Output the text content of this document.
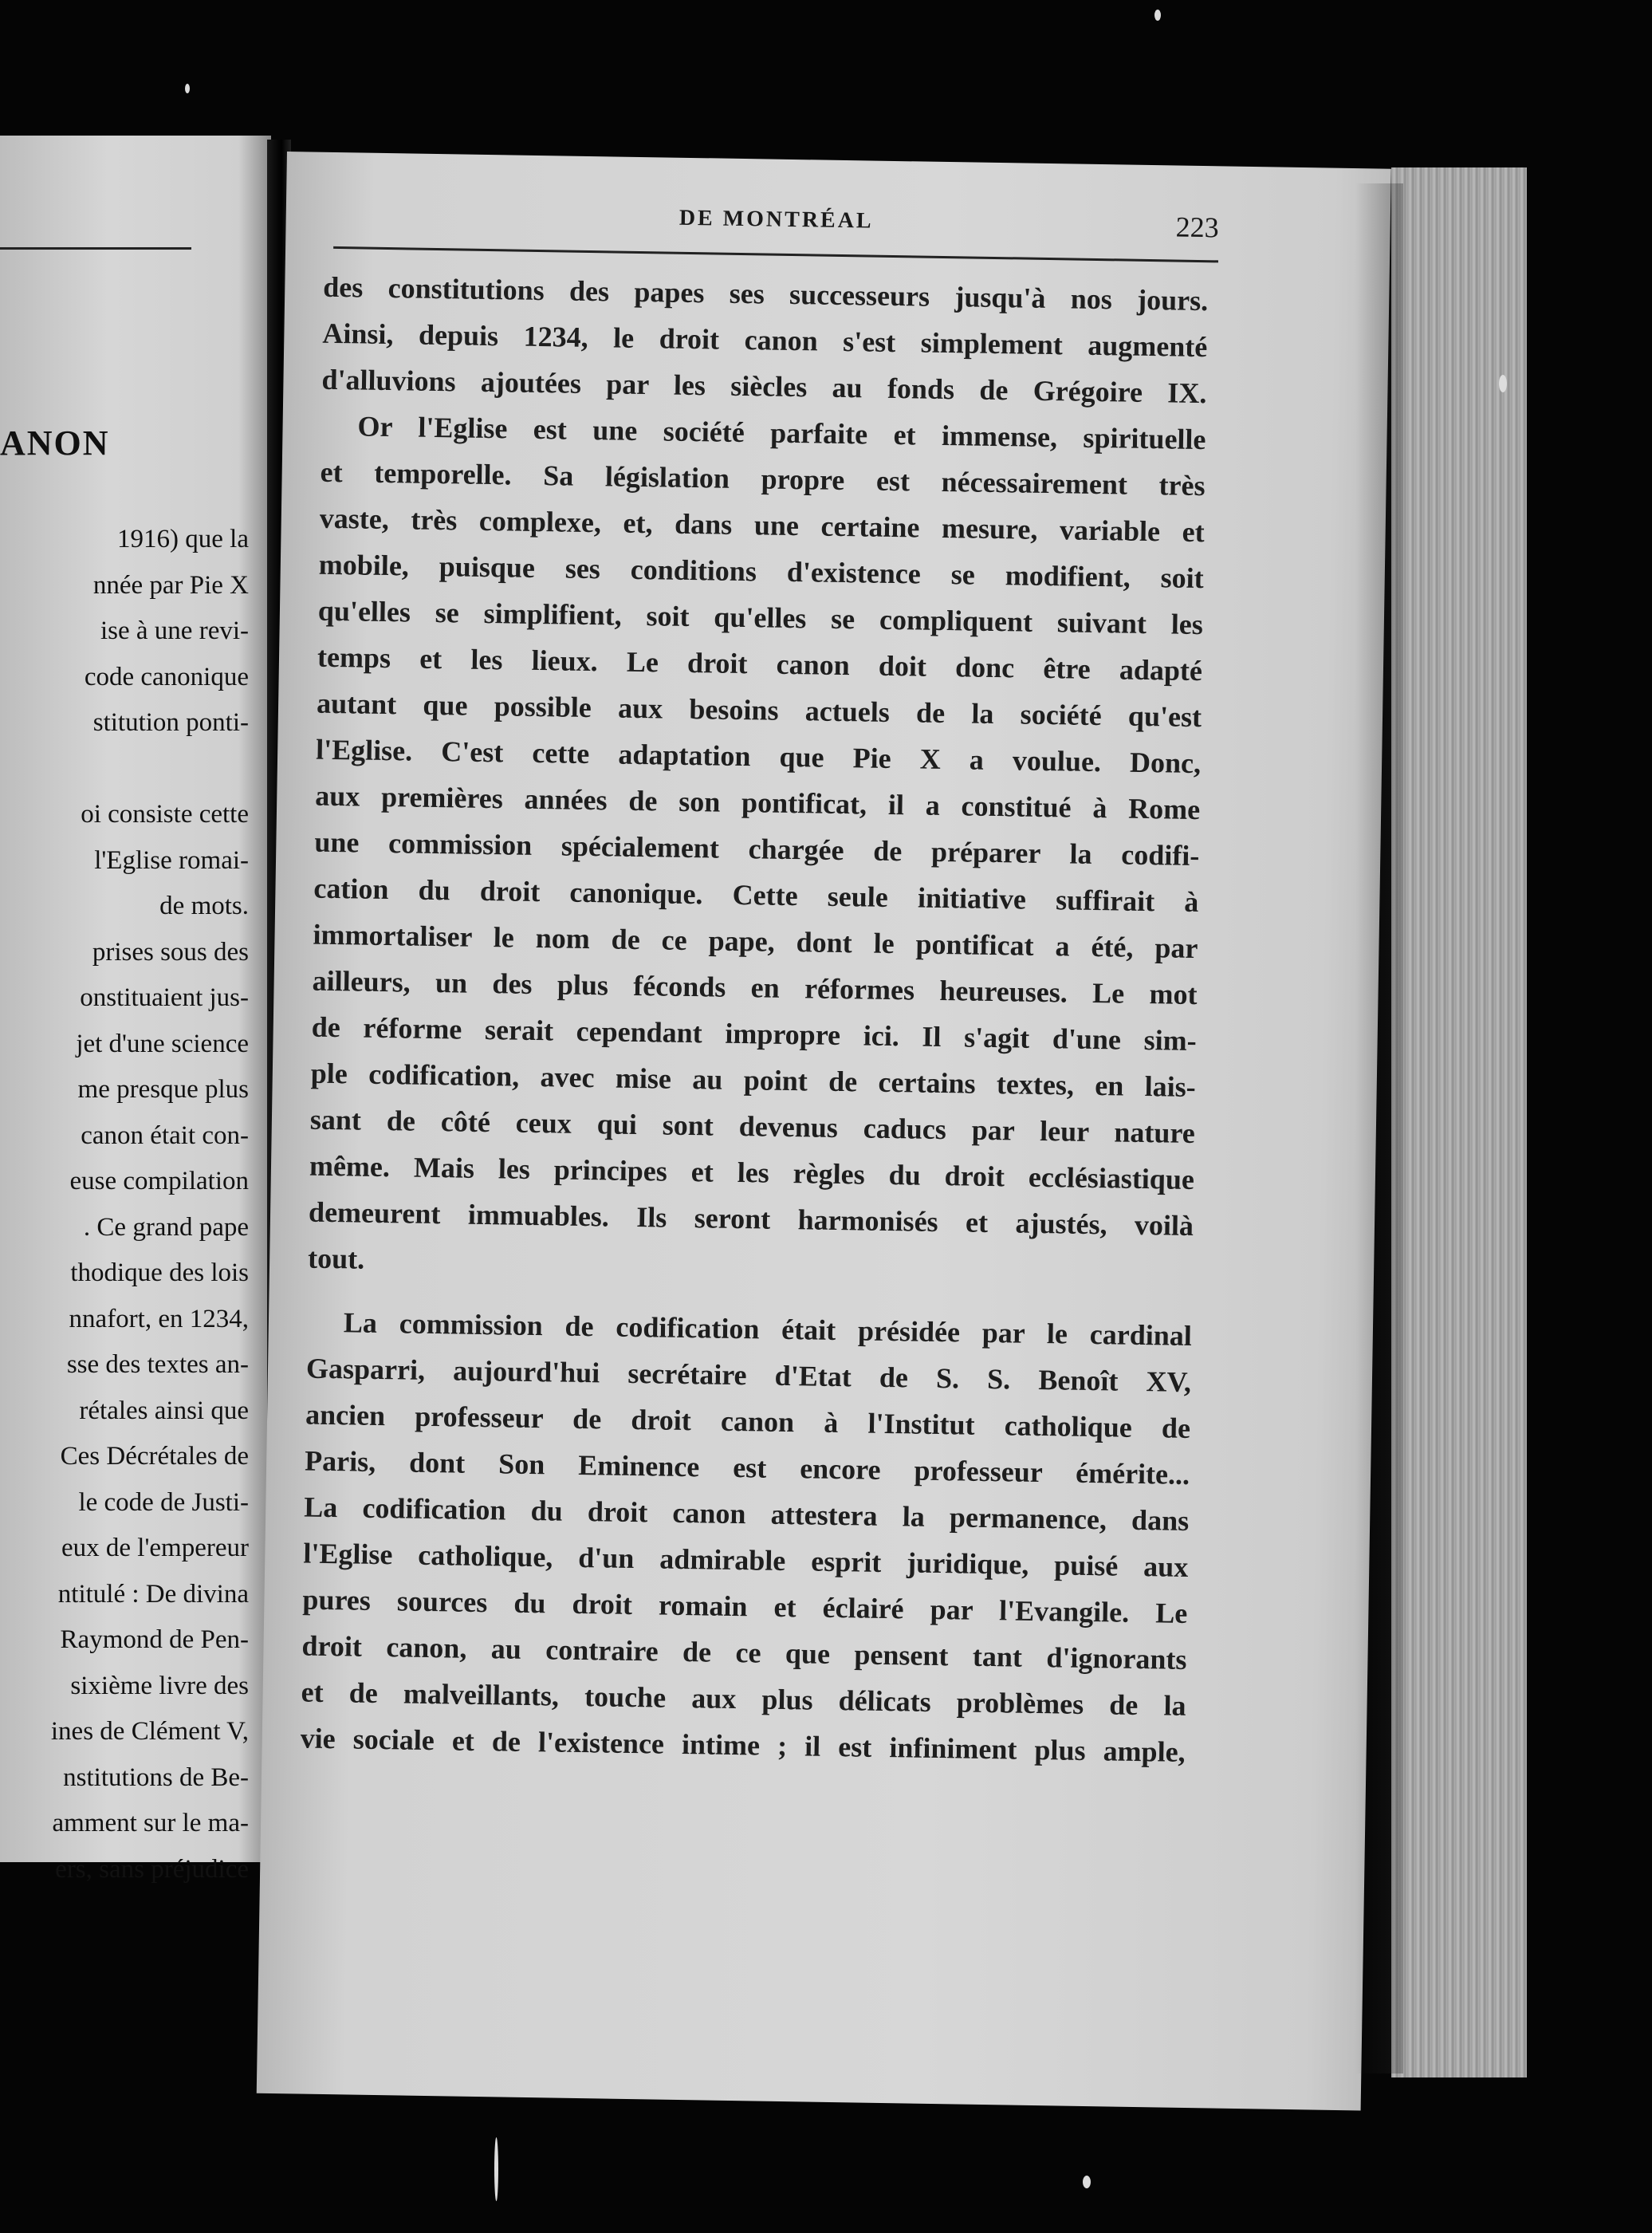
ANON
1916) que la
nnée par Pie X
ise à une revi-
code canonique
stitution ponti-
oi consiste cette
l'Eglise romai-
de mots.
prises sous des
onstituaient jus-
jet d'une science
me presque plus
canon était con-
euse compilation
. Ce grand pape
thodique des lois
nnafort, en 1234,
sse des textes an-
rétales ainsi que
Ces Décrétales de
le code de Justi-
eux de l'empereur
ntitulé : De divina
Raymond de Pen-
sixième livre des
ines de Clément V,
nstitutions de Be-
amment sur le ma-
ers, sans préjudice
DE MONTRÉAL	223
des constitutions des papes ses successeurs jusqu'à nos jours.
Ainsi, depuis 1234, le droit canon s'est simplement augmenté
d'alluvions ajoutées par les siècles au fonds de Grégoire IX.
Or l'Eglise est une société parfaite et immense, spirituelle
et temporelle. Sa législation propre est nécessairement très
vaste, très complexe, et, dans une certaine mesure, variable et
mobile, puisque ses conditions d'existence se modifient, soit
qu'elles se simplifient, soit qu'elles se compliquent suivant les
temps et les lieux. Le droit canon doit donc être adapté
autant que possible aux besoins actuels de la société qu'est
l'Eglise. C'est cette adaptation que Pie X a voulue. Donc,
aux premières années de son pontificat, il a constitué à Rome
une commission spécialement chargée de préparer la codifi-
cation du droit canonique. Cette seule initiative suffirait à
immortaliser le nom de ce pape, dont le pontificat a été, par
ailleurs, un des plus féconds en réformes heureuses. Le mot
de réforme serait cependant impropre ici. Il s'agit d'une sim-
ple codification, avec mise au point de certains textes, en lais-
sant de côté ceux qui sont devenus caducs par leur nature
même. Mais les principes et les règles du droit ecclésiastique
demeurent immuables. Ils seront harmonisés et ajustés, voilà
tout.
La commission de codification était présidée par le cardinal
Gasparri, aujourd'hui secrétaire d'Etat de S. S. Benoît XV,
ancien professeur de droit canon à l'Institut catholique de
Paris, dont Son Eminence est encore professeur émérite...
La codification du droit canon attestera la permanence, dans
l'Eglise catholique, d'un admirable esprit juridique, puisé aux
pures sources du droit romain et éclairé par l'Evangile. Le
droit canon, au contraire de ce que pensent tant d'ignorants
et de malveillants, touche aux plus délicats problèmes de la
vie sociale et de l'existence intime ; il est infiniment plus ample,
